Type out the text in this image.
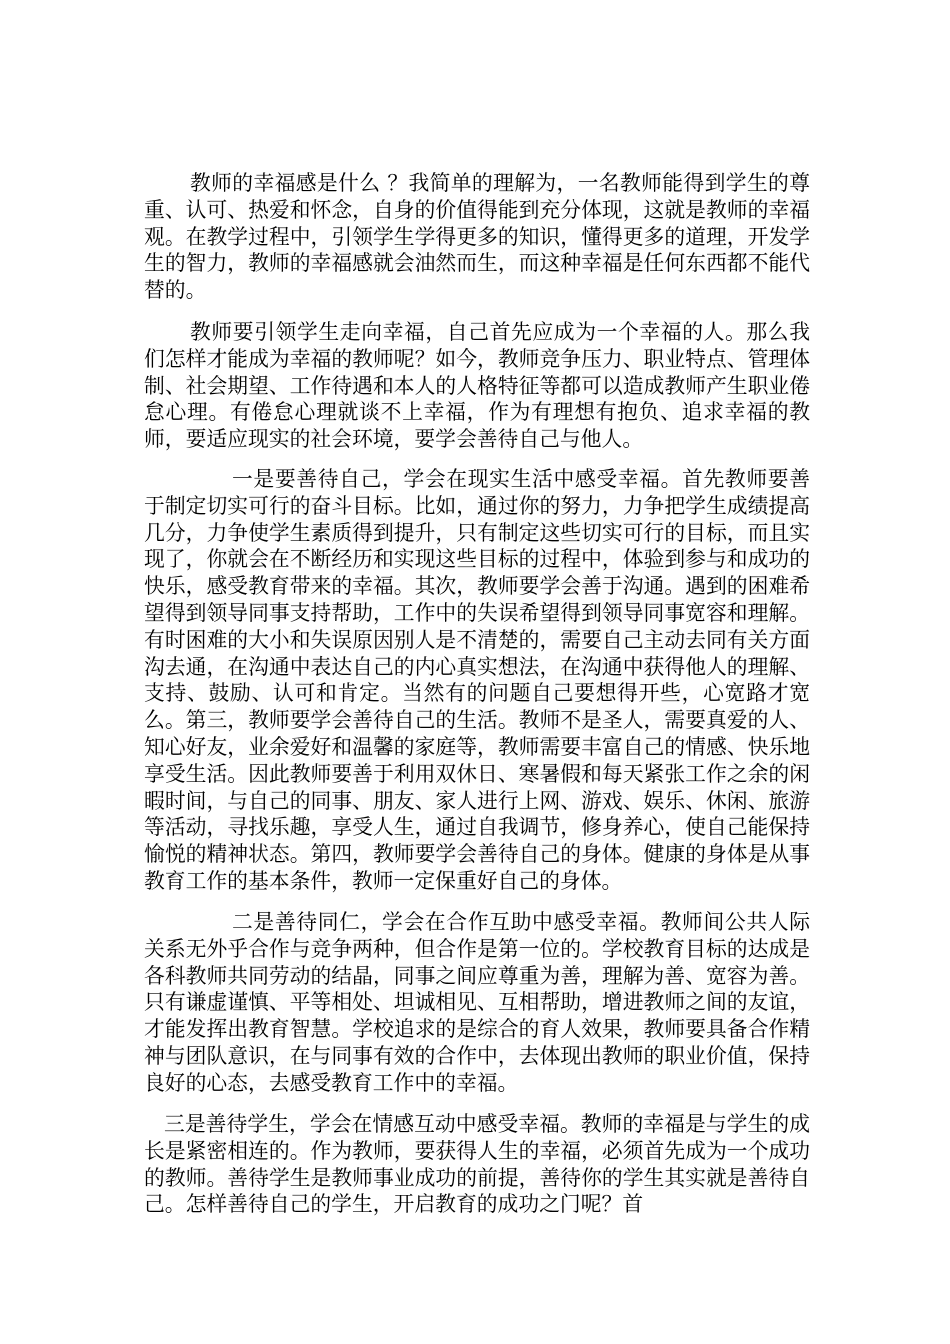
教师的幸福感是什么 ？我简单的理解为，一名教师能得到学生的尊重、认可、热爱和怀念，自身的价值得能到充分体现，这就是教师的幸福观。在教学过程中，引领学生学得更多的知识，懂得更多的道理，开发学生的智力，教师的幸福感就会油然而生，而这种幸福是任何东西都不能代替的。

教师要引领学生走向幸福，自己首先应成为一个幸福的人。那么我们怎样才能成为幸福的教师呢？如今，教师竞争压力、职业特点、管理体制、社会期望、工作待遇和本人的人格特征等都可以造成教师产生职业倦怠心理。有倦怠心理就谈不上幸福，作为有理想有抱负、追求幸福的教师，要适应现实的社会环境，要学会善待自己与他人。

一是要善待自己，学会在现实生活中感受幸福。首先教师要善于制定切实可行的奋斗目标。比如，通过你的努力，力争把学生成绩提高几分，力争使学生素质得到提升，只有制定这些切实可行的目标，而且实现了，你就会在不断经历和实现这些目标的过程中，体验到参与和成功的快乐，感受教育带来的幸福。其次，教师要学会善于沟通。遇到的困难希望得到领导同事支持帮助，工作中的失误希望得到领导同事宽容和理解。有时困难的大小和失误原因别人是不清楚的，需要自己主动去同有关方面沟去通，在沟通中表达自己的内心真实想法，在沟通中获得他人的理解、支持、鼓励、认可和肯定。当然有的问题自己要想得开些，心宽路才宽么。第三，教师要学会善待自己的生活。教师不是圣人，需要真爱的人、知心好友，业余爱好和温馨的家庭等，教师需要丰富自己的情感、快乐地享受生活。因此教师要善于利用双休日、寒暑假和每天紧张工作之余的闲暇时间，与自己的同事、朋友、家人进行上网、游戏、娱乐、休闲、旅游等活动，寻找乐趣，享受人生，通过自我调节，修身养心，使自己能保持愉悦的精神状态。第四，教师要学会善待自己的身体。健康的身体是从事教育工作的基本条件，教师一定保重好自己的身体。

二是善待同仁，学会在合作互助中感受幸福。教师间公共人际关系无外乎合作与竞争两种，但合作是第一位的。学校教育目标的达成是各科教师共同劳动的结晶，同事之间应尊重为善，理解为善、宽容为善。只有谦虚谨慎、平等相处、坦诚相见、互相帮助，增进教师之间的友谊，才能发挥出教育智慧。学校追求的是综合的育人效果，教师要具备合作精神与团队意识，在与同事有效的合作中，去体现出教师的职业价值，保持良好的心态，去感受教育工作中的幸福。

三是善待学生，学会在情感互动中感受幸福。教师的幸福是与学生的成长是紧密相连的。作为教师，要获得人生的幸福，必须首先成为一个成功的教师。善待学生是教师事业成功的前提，善待你的学生其实就是善待自己。怎样善待自己的学生，开启教育的成功之门呢？首
